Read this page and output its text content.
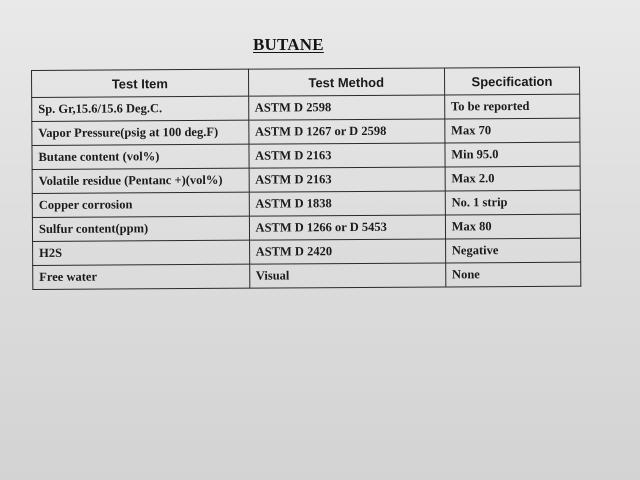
BUTANE
Test Item	Test Method	Specification
Sp. Gr,15.6/15.6 Deg.C.	ASTM D 2598	To be reported
Vapor Pressure(psig at 100 deg.F)	ASTM D 1267 or D 2598	Max 70
Butane content (vol%)	ASTM D 2163	Min 95.0
Volatile residue (Pentanc +)(vol%)	ASTM D 2163	Max 2.0
Copper corrosion	ASTM D 1838	No. 1 strip
Sulfur content(ppm)	ASTM D 1266 or D 5453	Max 80
H2S	ASTM D 2420	Negative
Free water	Visual	None
